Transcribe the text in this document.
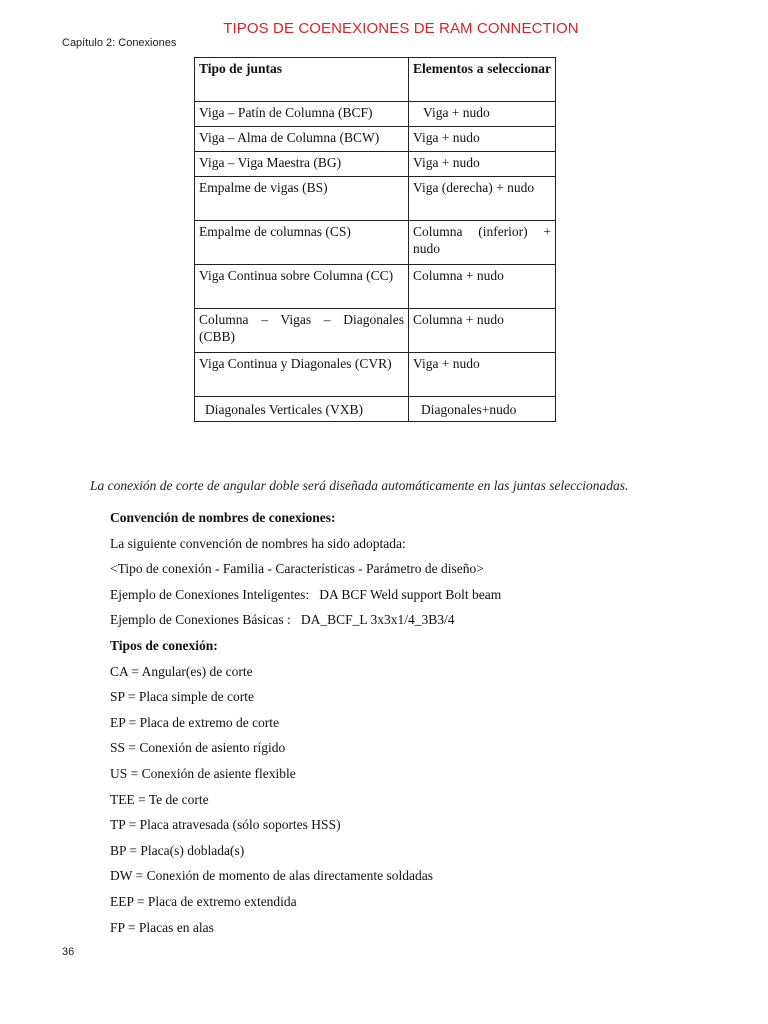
TIPOS DE COENEXIONES DE RAM CONNECTION
Capítulo 2: Conexiones
Tipo de juntas	Elementos a seleccionar
Viga – Patín de Columna (BCF)	Viga + nudo
Viga – Alma de Columna (BCW)	Viga + nudo
Viga – Viga Maestra (BG)	Viga + nudo
Empalme de vigas (BS)	Viga (derecha) + nudo
Empalme de columnas (CS)	Columna (inferior) + nudo
Viga Continua sobre Columna (CC)	Columna + nudo
Columna – Vigas – Diagonales (CBB)	Columna + nudo
Viga Continua y Diagonales (CVR)	Viga + nudo
Diagonales Verticales (VXB)	Diagonales+nudo
La conexión de corte de angular doble será diseñada automáticamente en las juntas seleccionadas.
Convención de nombres de conexiones:
La siguiente convención de nombres ha sido adoptada:
<Tipo de conexión - Familia - Características - Parámetro de diseño>
Ejemplo de Conexiones Inteligentes:   DA BCF Weld support Bolt beam
Ejemplo de Conexiones Básicas :   DA_BCF_L 3x3x1/4_3B3/4
Tipos de conexión:
CA = Angular(es) de corte
SP = Placa simple de corte
EP = Placa de extremo de corte
SS = Conexión de asiento rígido
US = Conexión de asiente flexible
TEE = Te de corte
TP = Placa atravesada (sólo soportes HSS)
BP = Placa(s) doblada(s)
DW = Conexión de momento de alas directamente soldadas
EEP = Placa de extremo extendida
FP = Placas en alas
36
